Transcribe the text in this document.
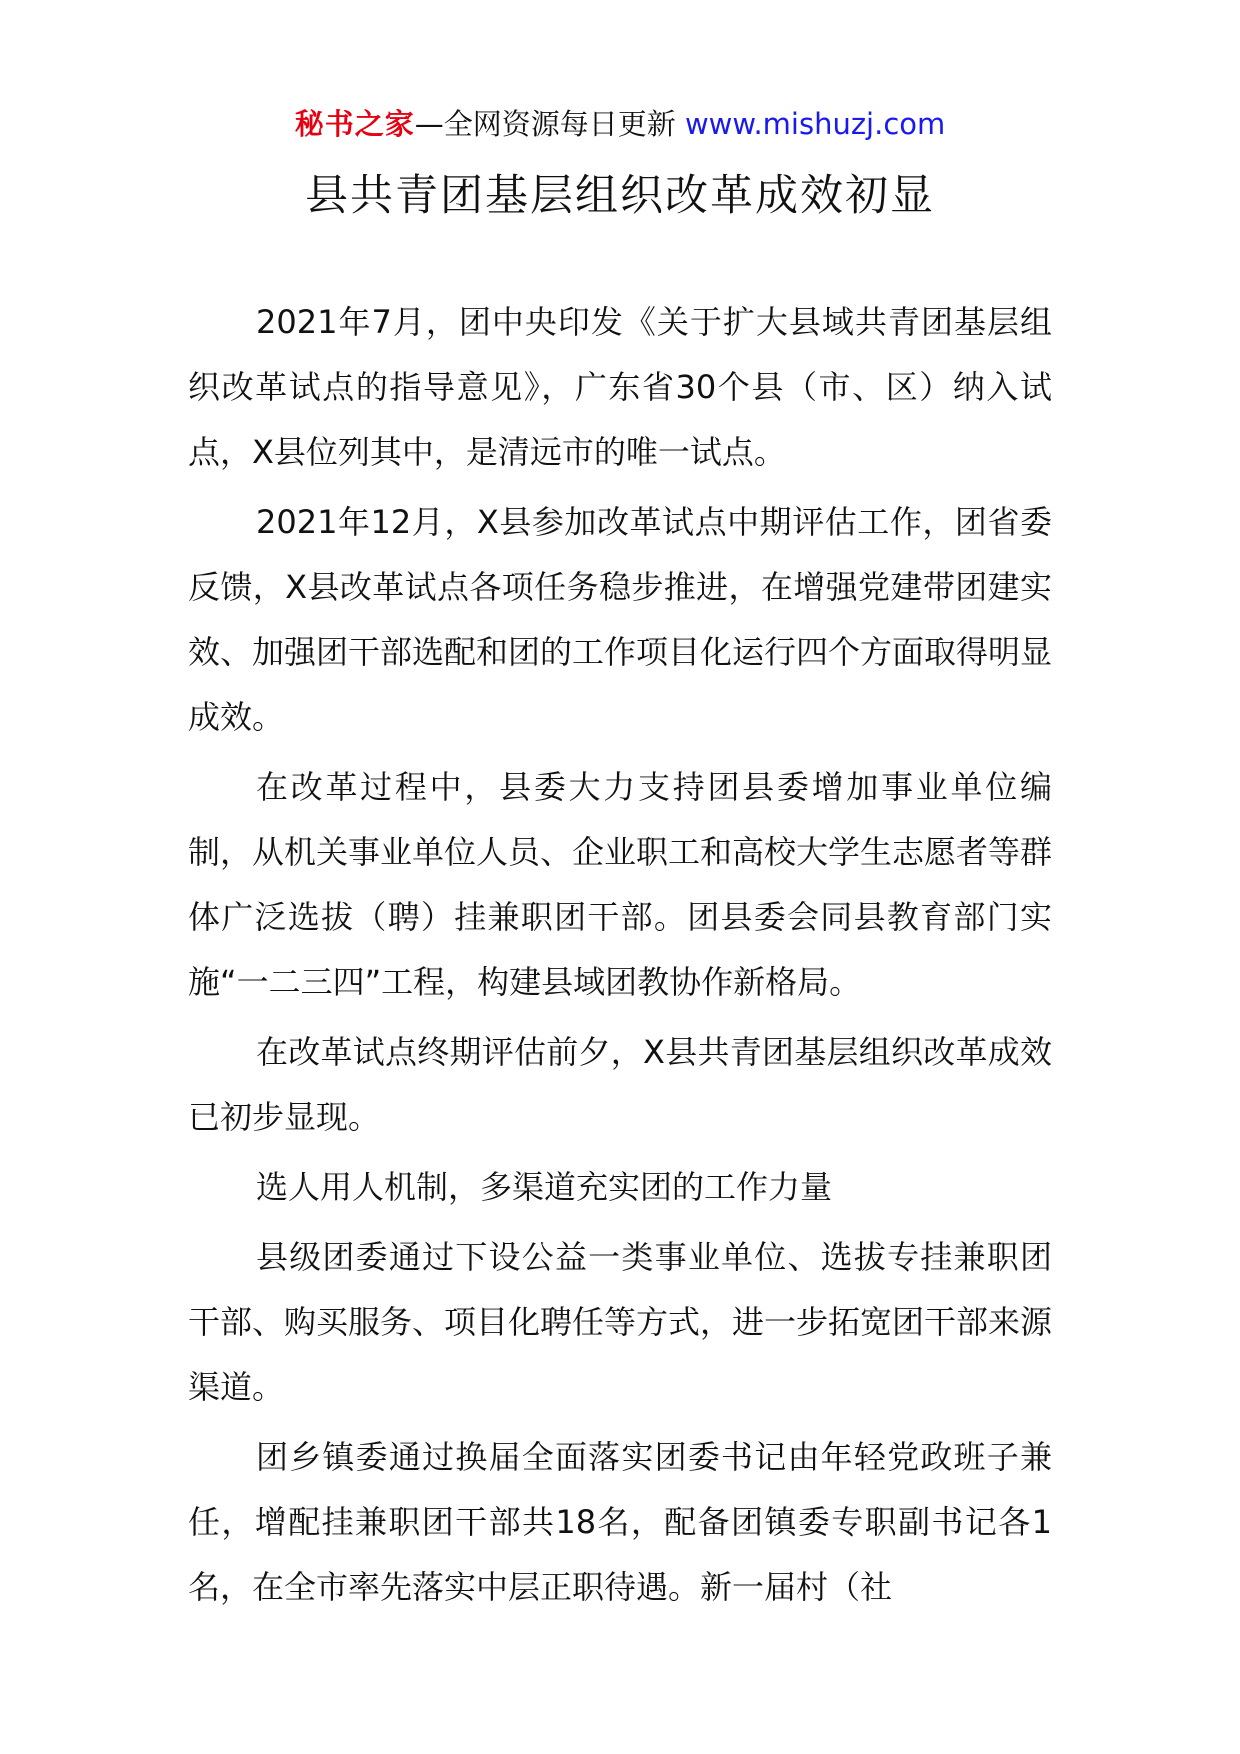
秘书之家—全网资源每日更新 www.mishuzj.com
县共青团基层组织改革成效初显

2021年7月，团中央印发《关于扩大县域共青团基层组织改革试点的指导意见》，广东省30个县（市、区）纳入试点，X县位列其中，是清远市的唯一试点。

2021年12月，X县参加改革试点中期评估工作，团省委反馈，X县改革试点各项任务稳步推进，在增强党建带团建实效、加强团干部选配和团的工作项目化运行四个方面取得明显成效。

在改革过程中，县委大力支持团县委增加事业单位编制，从机关事业单位人员、企业职工和高校大学生志愿者等群体广泛选拔（聘）挂兼职团干部。团县委会同县教育部门实施“一二三四”工程，构建县域团教协作新格局。

在改革试点终期评估前夕，X县共青团基层组织改革成效已初步显现。

选人用人机制，多渠道充实团的工作力量

县级团委通过下设公益一类事业单位、选拔专挂兼职团干部、购买服务、项目化聘任等方式，进一步拓宽团干部来源渠道。

团乡镇委通过换届全面落实团委书记由年轻党政班子兼任，增配挂兼职团干部共18名，配备团镇委专职副书记各1名，在全市率先落实中层正职待遇。新一届村（社
